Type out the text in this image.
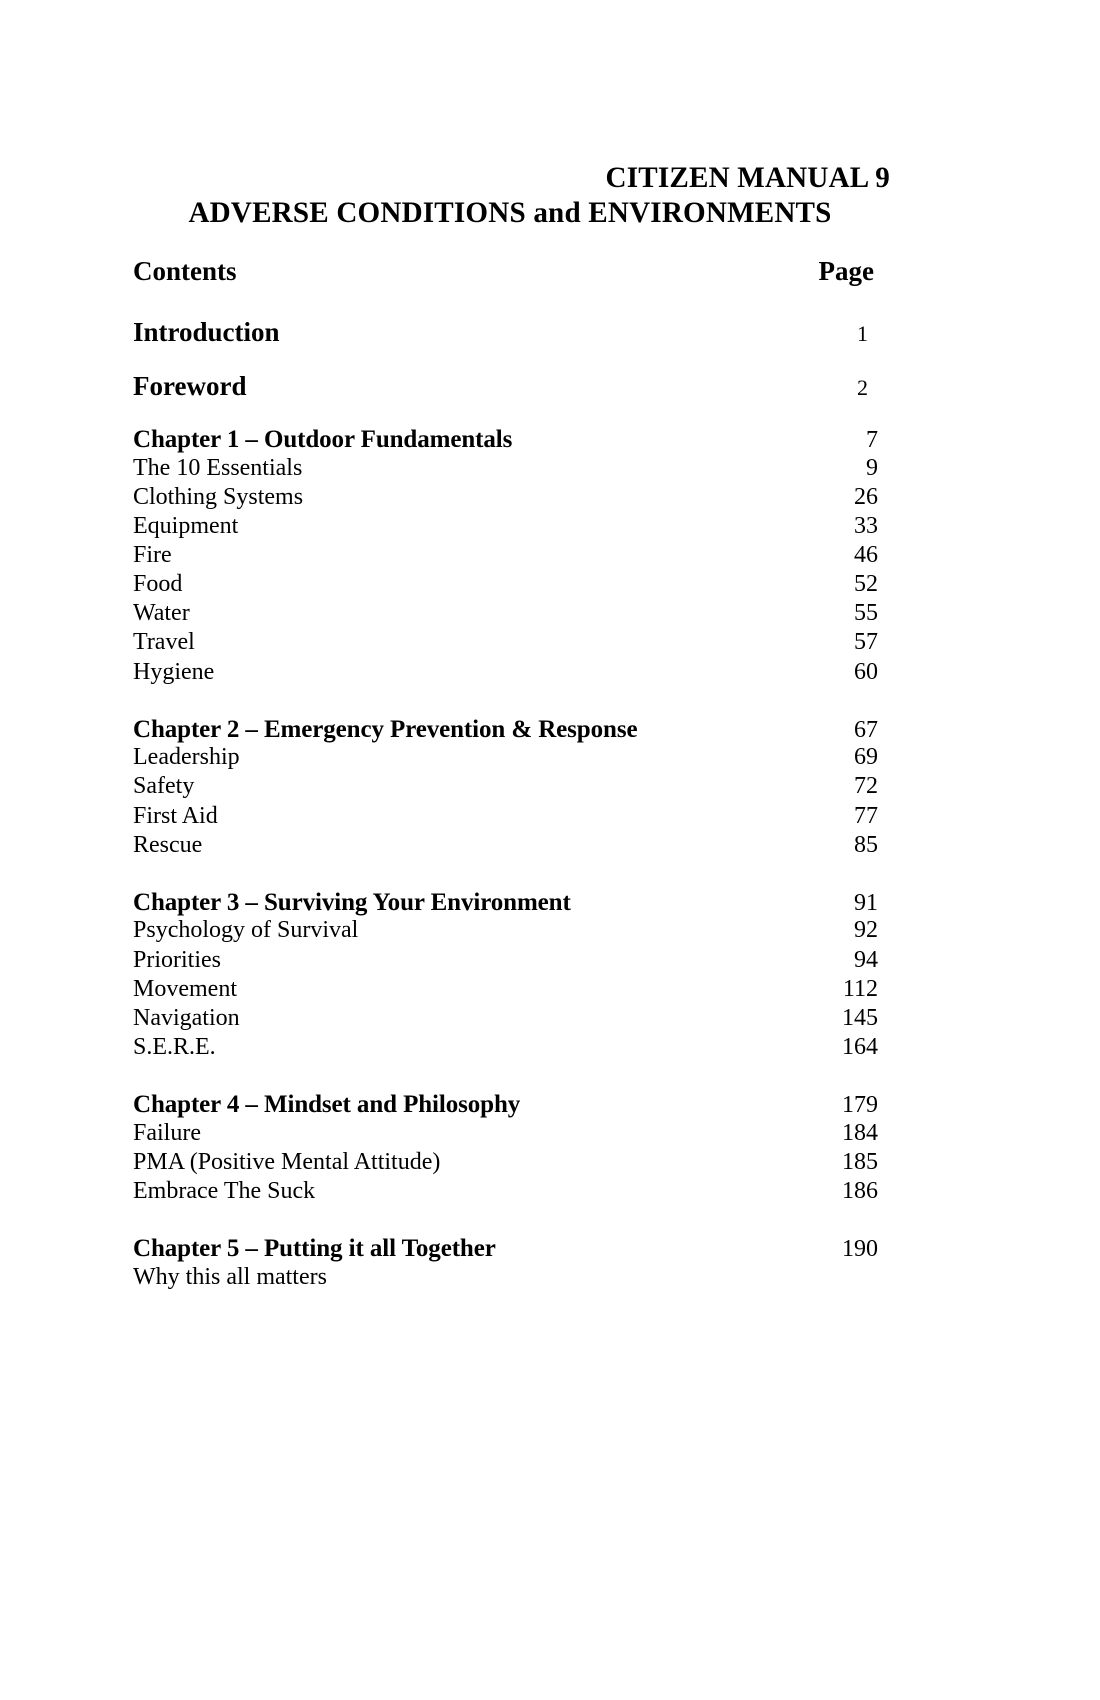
CITIZEN MANUAL 9
ADVERSE CONDITIONS and ENVIRONMENTS
Contents	Page
Introduction	1
Foreword	2
Chapter 1 – Outdoor Fundamentals	7
The 10 Essentials	9
Clothing Systems	26
Equipment	33
Fire	46
Food	52
Water	55
Travel	57
Hygiene	60
Chapter 2 – Emergency Prevention & Response	67
Leadership	69
Safety	72
First Aid	77
Rescue	85
Chapter 3 – Surviving Your Environment	91
Psychology of Survival	92
Priorities	94
Movement	112
Navigation	145
S.E.R.E.	164
Chapter 4 – Mindset and Philosophy	179
Failure	184
PMA (Positive Mental Attitude)	185
Embrace The Suck	186
Chapter 5 – Putting it all Together	190
Why this all matters
